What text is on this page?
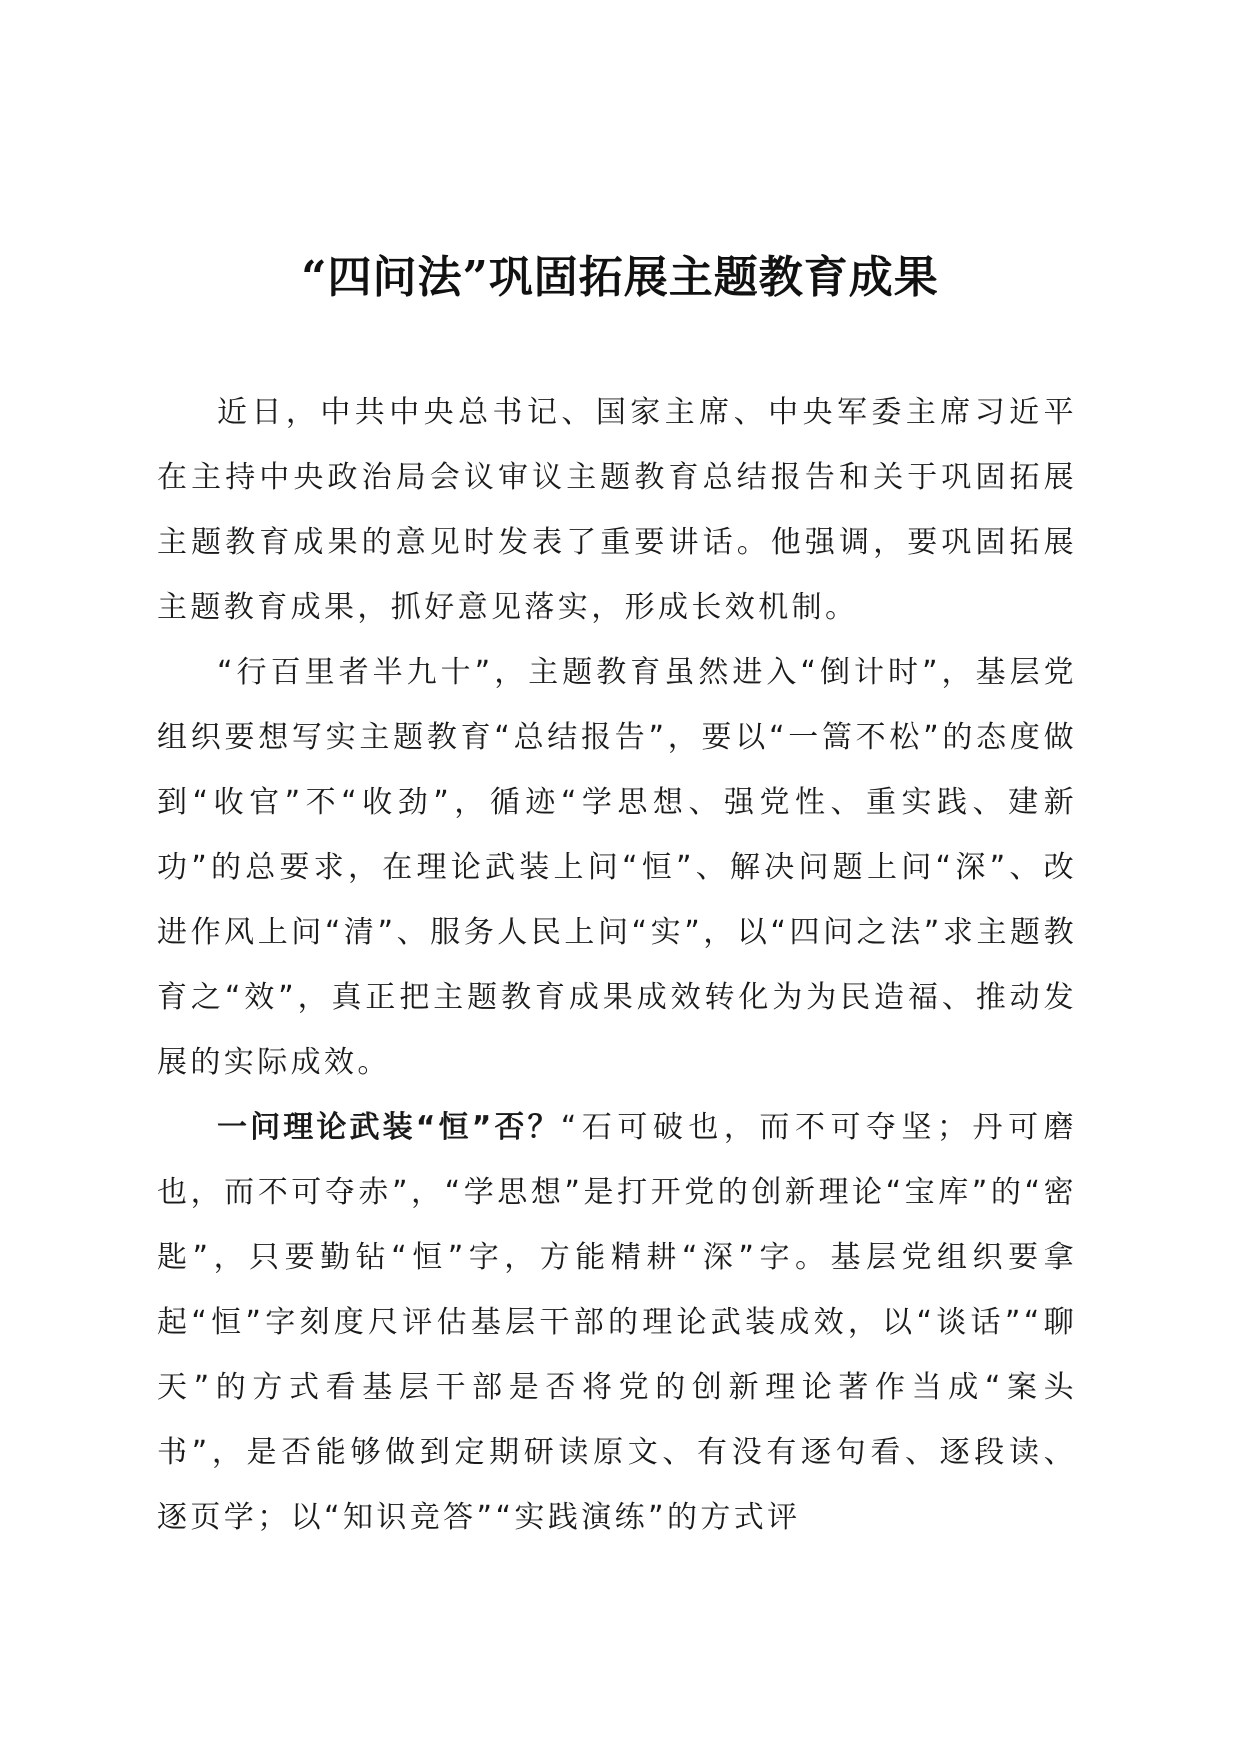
“四问法”巩固拓展主题教育成果

近日，中共中央总书记、国家主席、中央军委主席习近平在主持中央政治局会议审议主题教育总结报告和关于巩固拓展主题教育成果的意见时发表了重要讲话。他强调，要巩固拓展主题教育成果，抓好意见落实，形成长效机制。

“行百里者半九十”，主题教育虽然进入“倒计时”，基层党组织要想写实主题教育“总结报告”，要以“一篙不松”的态度做到“收官”不“收劲”，循迹“学思想、强党性、重实践、建新功”的总要求，在理论武装上问“恒”、解决问题上问“深”、改进作风上问“清”、服务人民上问“实”，以“四问之法”求主题教育之“效”，真正把主题教育成果成效转化为为民造福、推动发展的实际成效。

一问理论武装“恒”否？“石可破也，而不可夺坚；丹可磨也，而不可夺赤”，“学思想”是打开党的创新理论“宝库”的“密匙”，只要勤钻“恒”字，方能精耕“深”字。基层党组织要拿起“恒”字刻度尺评估基层干部的理论武装成效，以“谈话”“聊天”的方式看基层干部是否将党的创新理论著作当成“案头书”，是否能够做到定期研读原文、有没有逐句看、逐段读、逐页学；以“知识竞答”“实践演练”的方式评
